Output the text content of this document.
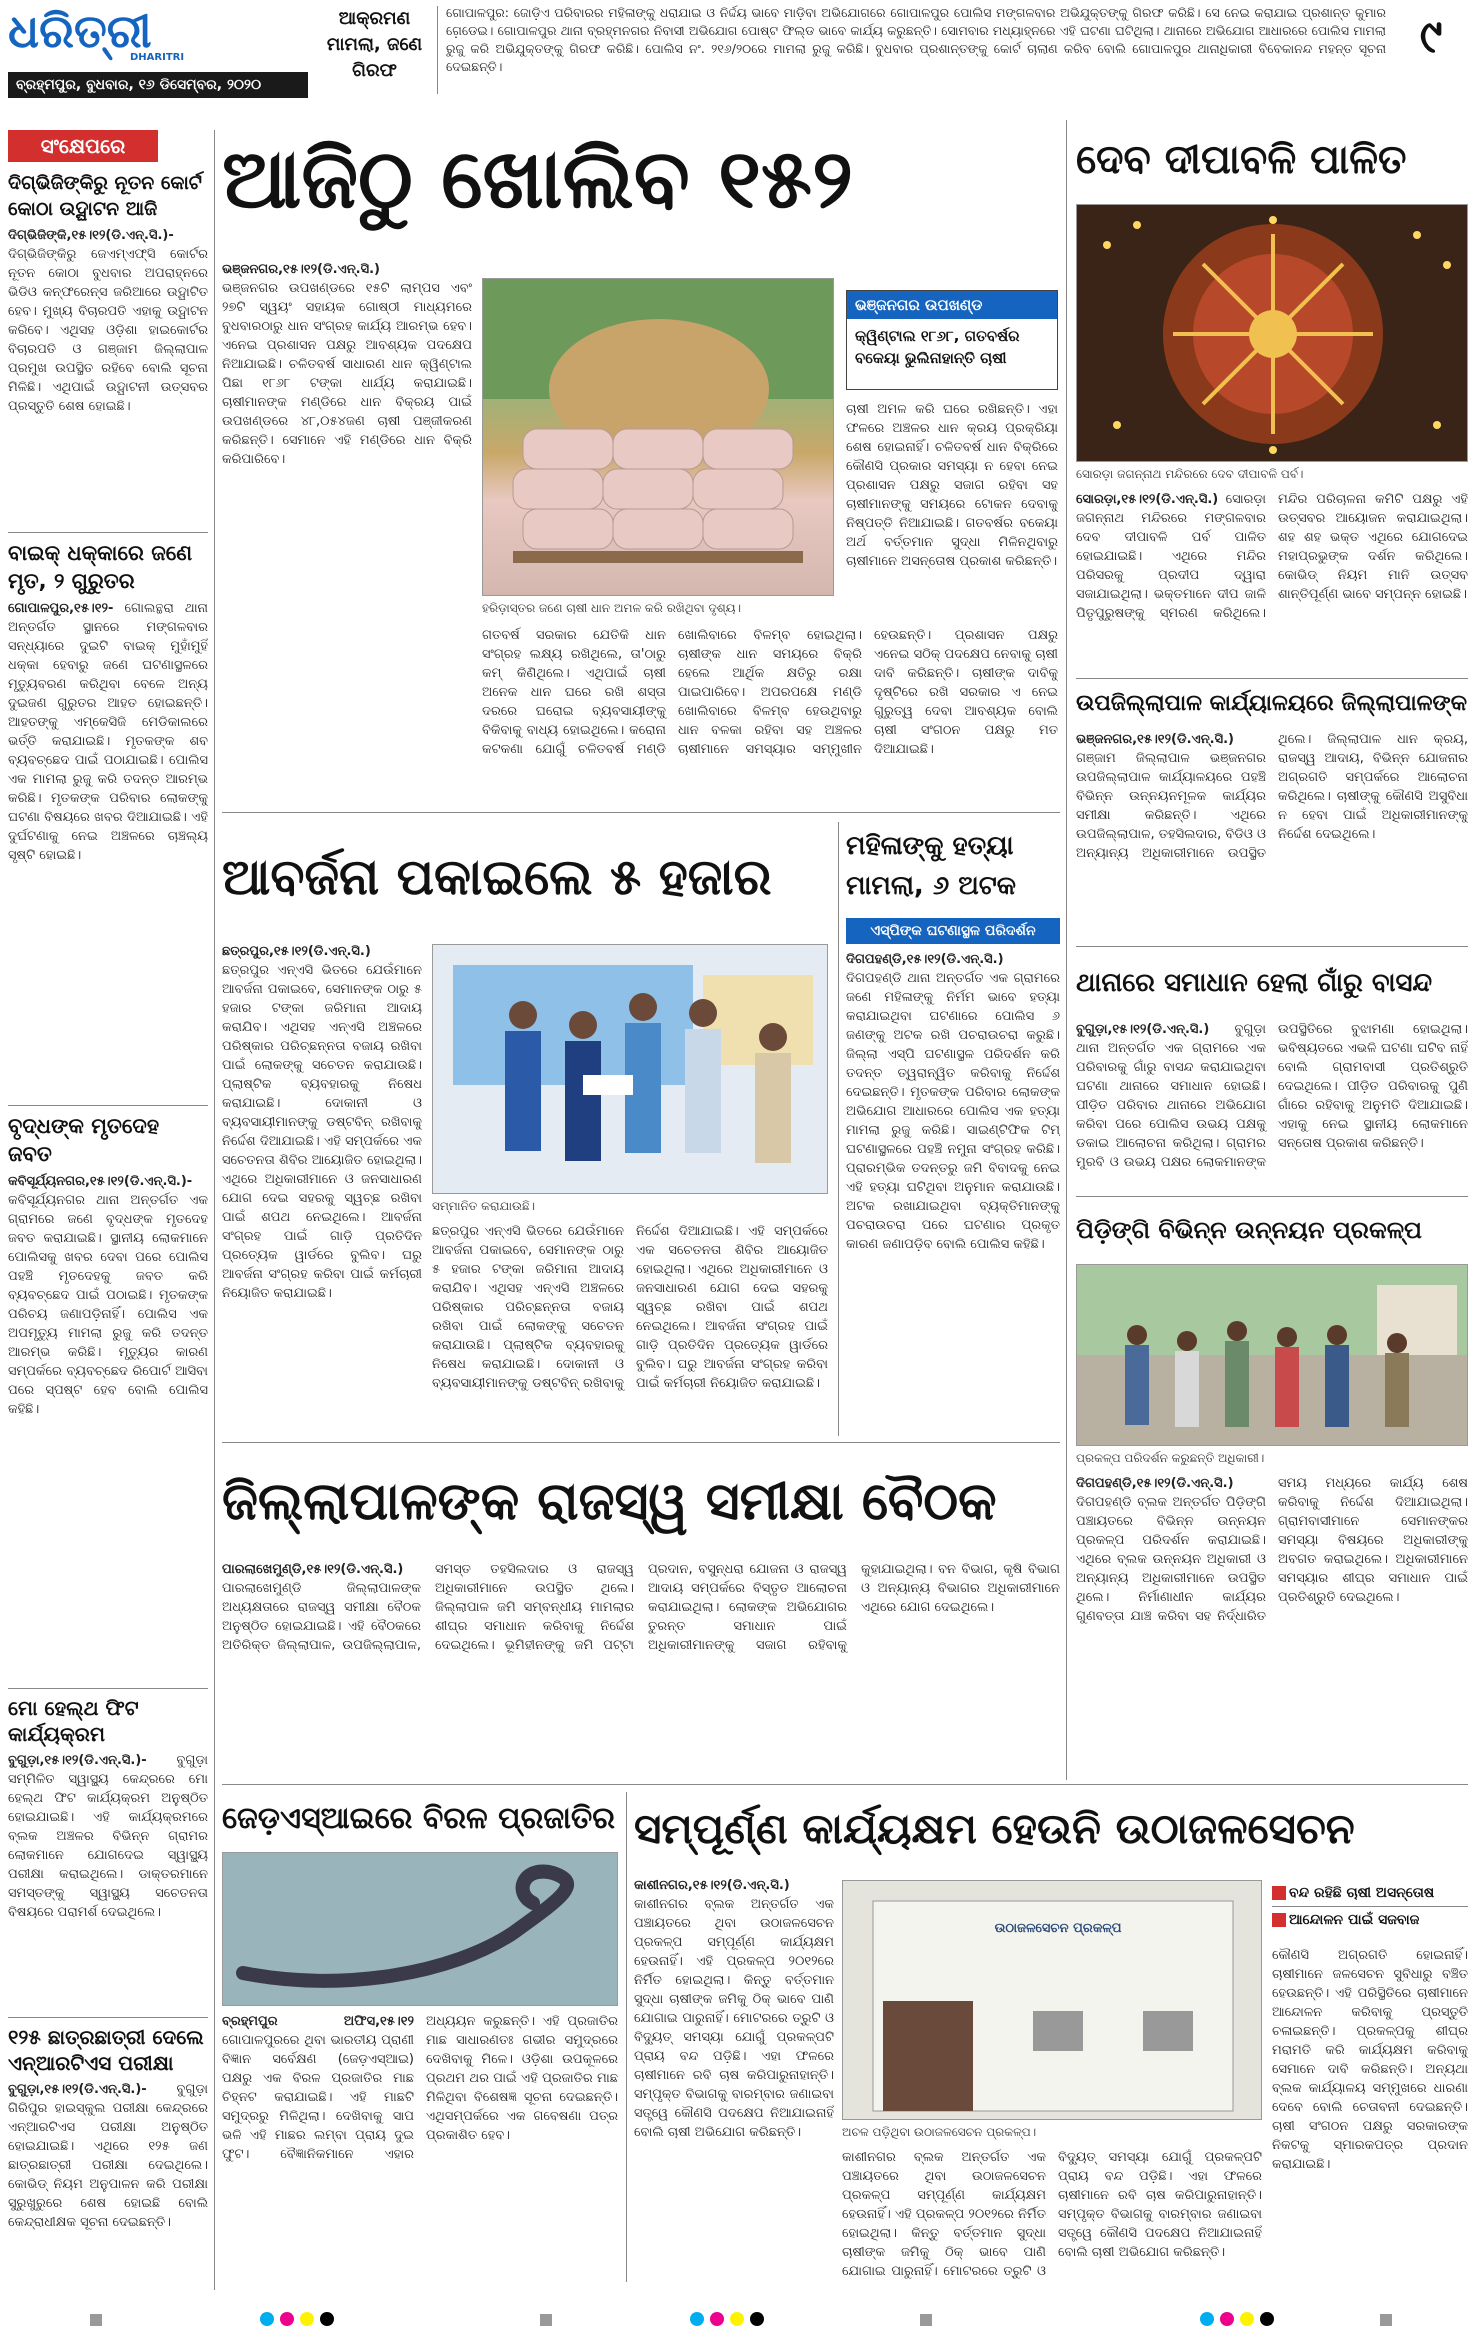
ଧରିତ୍ରୀ
DHARITRI
ବ୍ରହ୍ମପୁର, ବୁଧବାର, ୧୬ ଡିସେମ୍ବର, ୨୦୨୦
ଆକ୍ରମଣ ମାମଲା, ଜଣେ ଗିରଫ
ଗୋପାଳପୁର: ଜୋଡ଼ିଏ ପରିବାରର ମହିଳାଙ୍କୁ ଧରାଯାଇ ଓ ନିର୍ଦ୍ଦୟ ଭାବେ ମାଡ଼ିବା ଅଭିଯୋଗରେ ଗୋପାଳପୁର ପୋଲିସ ମଙ୍ଗଳବାର ଅଭିଯୁକ୍ତଙ୍କୁ ଗିରଫ କରିଛି। ସେ ନେଇ କରାଯାଇ ପ୍ରଶାନ୍ତ କୁମାର ଗେଡେ଼ଇ। ଗୋପାଳପୁର ଥାନା ବ୍ରହ୍ମନଗର ନିବାସୀ ଅଭିଯୋଗ ପୋଷ୍ଟ ଫିଲ୍ଡ ଭାବେ କାର୍ଯ୍ୟ କରୁଛନ୍ତି। ସୋମବାର ମଧ୍ୟାହ୍ନରେ ଏହି ଘଟଣା ଘଟିଥିଲା। ଥାନାରେ ଅଭିଯୋଗ ଆଧାରରେ ପୋଲିସ ମାମଲା ରୁଜୁ କରି ଅଭିଯୁକ୍ତଙ୍କୁ ଗିରଫ କରିଛି। ପୋଲିସ ନଂ. ୨୧୬/୨୦ରେ ମାମଲା ରୁଜୁ କରିଛି। ବୁଧବାର ପ୍ରଶାନ୍ତଙ୍କୁ କୋର୍ଟ ଚାଲାଣ କରିବ ବୋଲି ଗୋପାଳପୁର ଥାନାଧିକାରୀ ବିବେକାନନ୍ଦ ମହନ୍ତ ସୂଚନା ଦେଇଛନ୍ତି।
୯
ସଂକ୍ଷେପରେ
ଦିଗ୍ଭିଜିଙ୍କିରୁ ନୂତନ କୋର୍ଟ କୋଠା ଉଦ୍ଘାଟନ ଆଜି
ଦିଗ୍ଭିଜିଙ୍କି,୧୫।୧୨(ଡି.ଏନ୍.ସି.)- ଦିଗ୍ଭିଜିଙ୍କିରୁ ଜେଏମ୍ଏଫ୍‌ସି କୋର୍ଟର ନୂତନ କୋଠା ବୁଧବାର ଅପରାହ୍ନରେ ଭିଡିଓ କନ୍ଫରେନ୍ସ ଜରିଆରେ ଉଦ୍ଘାଟିତ ହେବ। ମୁଖ୍ୟ ବିଚାରପତି ଏହାକୁ ଉଦ୍ଘାଟନ କରିବେ। ଏଥିସହ ଓଡ଼ିଶା ହାଇକୋର୍ଟର ବିଚାରପତି ଓ ଗଞ୍ଜାମ ଜିଲ୍ଲାପାଳ ପ୍ରମୁଖ ଉପସ୍ଥିତ ରହିବେ ବୋଲି ସୂଚନା ମିଳିଛି। ଏଥିପାଇଁ ଉଦ୍ଘାଟନୀ ଉତ୍ସବର ପ୍ରସ୍ତୁତି ଶେଷ ହୋଇଛି।
ବାଇକ୍ ଧକ୍କାରେ ଜଣେ ମୃତ, ୨ ଗୁରୁତର
ଗୋପାଳପୁର,୧୫।୧୨- ଗୋଲନ୍ଥରା ଥାନା ଅନ୍ତର୍ଗତ ସ୍ଥାନରେ ମଙ୍ଗଳବାର ସନ୍ଧ୍ୟାରେ ଦୁଇଟି ବାଇକ୍ ମୁହାଁମୁହିଁ ଧକ୍କା ହେବାରୁ ଜଣେ ଘଟଣାସ୍ଥଳରେ ମୃତ୍ୟୁବରଣ କରିଥିବା ବେଳେ ଅନ୍ୟ ଦୁଇଜଣ ଗୁରୁତର ଆହତ ହୋଇଛନ୍ତି। ଆହତଙ୍କୁ ଏମ୍‌କେସିଜି ମେଡିକାଲରେ ଭର୍ତ୍ତି କରାଯାଇଛି। ମୃତକଙ୍କ ଶବ ବ୍ୟବଚ୍ଛେଦ ପାଇଁ ପଠାଯାଇଛି। ପୋଲିସ ଏକ ମାମଲା ରୁଜୁ କରି ତଦନ୍ତ ଆରମ୍ଭ କରିଛି। ମୃତକଙ୍କ ପରିବାର ଲୋକଙ୍କୁ ଘଟଣା ବିଷୟରେ ଖବର ଦିଆଯାଇଛି। ଏହି ଦୁର୍ଘଟଣାକୁ ନେଇ ଅଞ୍ଚଳରେ ଚାଞ୍ଚଲ୍ୟ ସୃଷ୍ଟି ହୋଇଛି।
ବୃଦ୍ଧଙ୍କ ମୃତଦେହ ଜବତ
କବିସୂର୍ଯ୍ୟନଗର,୧୫।୧୨(ଡି.ଏନ୍.ସି.)- କବିସୂର୍ଯ୍ୟନଗର ଥାନା ଅନ୍ତର୍ଗତ ଏକ ଗ୍ରାମରେ ଜଣେ ବୃଦ୍ଧଙ୍କ ମୃତଦେହ ଜବତ କରାଯାଇଛି। ସ୍ଥାନୀୟ ଲୋକମାନେ ପୋଲିସକୁ ଖବର ଦେବା ପରେ ପୋଲିସ ପହଞ୍ଚି ମୃତଦେହକୁ ଜବତ କରି ବ୍ୟବଚ୍ଛେଦ ପାଇଁ ପଠାଇଛି। ମୃତକଙ୍କ ପରିଚୟ ଜଣାପଡ଼ିନାହିଁ। ପୋଲିସ ଏକ ଅପମୃତ୍ୟୁ ମାମଲା ରୁଜୁ କରି ତଦନ୍ତ ଆରମ୍ଭ କରିଛି। ମୃତ୍ୟୁର କାରଣ ସମ୍ପର୍କରେ ବ୍ୟବଚ୍ଛେଦ ରିପୋର୍ଟ ଆସିବା ପରେ ସ୍ପଷ୍ଟ ହେବ ବୋଲି ପୋଲିସ କହିଛି।
ମୋ ହେଲ୍ଥ ଫିଟ କାର୍ଯ୍ୟକ୍ରମ
ବୁଗୁଡ଼ା,୧୫।୧୨(ଡି.ଏନ୍.ସି.)- ବୁଗୁଡ଼ା ସମ୍ମିଳିତ ସ୍ୱାସ୍ଥ୍ୟ କେନ୍ଦ୍ରରେ ମୋ ହେଲ୍ଥ ଫିଟ କାର୍ଯ୍ୟକ୍ରମ ଅନୁଷ୍ଠିତ ହୋଇଯାଇଛି। ଏହି କାର୍ଯ୍ୟକ୍ରମରେ ବ୍ଲକ ଅଞ୍ଚଳର ବିଭିନ୍ନ ଗ୍ରାମର ଲୋକମାନେ ଯୋଗଦେଇ ସ୍ୱାସ୍ଥ୍ୟ ପରୀକ୍ଷା କରାଇଥିଲେ। ଡାକ୍ତରମାନେ ସମସ୍ତଙ୍କୁ ସ୍ୱାସ୍ଥ୍ୟ ସଚେତନତା ବିଷୟରେ ପରାମର୍ଶ ଦେଇଥିଲେ।
୧୨୫ ଛାତ୍ରଛାତ୍ରୀ ଦେଲେ ଏନ୍ଆରଟିଏସ ପରୀକ୍ଷା
ବୁଗୁଡ଼ା,୧୫।୧୨(ଡି.ଏନ୍.ସି.)- ବୁଗୁଡ଼ା ଗିରିପୁର ହାଇସ୍କୁଲ ପରୀକ୍ଷା କେନ୍ଦ୍ରରେ ଏନ୍ଆରଟିଏସ ପରୀକ୍ଷା ଅନୁଷ୍ଠିତ ହୋଇଯାଇଛି। ଏଥିରେ ୧୨୫ ଜଣ ଛାତ୍ରଛାତ୍ରୀ ପରୀକ୍ଷା ଦେଇଥିଲେ। କୋଭିଡ୍ ନିୟମ ଅନୁପାଳନ କରି ପରୀକ୍ଷା ସୁରୁଖୁରୁରେ ଶେଷ ହୋଇଛି ବୋଲି କେନ୍ଦ୍ରାଧୀକ୍ଷକ ସୂଚନା ଦେଇଛନ୍ତି।
ଆଜିଠୁ ଖୋଲିବ ୧୫୨
ଭଞ୍ଜନଗର,୧୫।୧୨(ଡି.ଏନ୍.ସି.)
ଭଞ୍ଜନଗର ଉପଖଣ୍ଡରେ ୧୫ଟି ଲାମ୍ପସ ଏବଂ ୨୭ଟି ସ୍ୱୟଂ ସହାୟକ ଗୋଷ୍ଠୀ ମାଧ୍ୟମରେ ବୁଧବାରଠାରୁ ଧାନ ସଂଗ୍ରହ କାର୍ଯ୍ୟ ଆରମ୍ଭ ହେବ। ଏନେଇ ପ୍ରଶାସନ ପକ୍ଷରୁ ଆବଶ୍ୟକ ପଦକ୍ଷେପ ନିଆଯାଇଛି। ଚଳିତବର୍ଷ ସାଧାରଣ ଧାନ କ୍ୱିଣ୍ଟାଲ ପିଛା ୧୮୬୮ ଟଙ୍କା ଧାର୍ଯ୍ୟ କରାଯାଇଛି। ଚାଷୀମାନଙ୍କ ମଣ୍ଡିରେ ଧାନ ବିକ୍ରୟ ପାଇଁ ଉପଖଣ୍ଡରେ ୪୮,୦୫୪ଜଣ ଚାଷୀ ପଞ୍ଜୀକରଣ କରିଛନ୍ତି। ସେମାନେ ଏହି ମଣ୍ଡିରେ ଧାନ ବିକ୍ରି କରିପାରିବେ।
ହରିଡ଼ାସ୍ତର ଜଣେ ଚାଷୀ ଧାନ ଅମଳ କରି ରଖିଥିବା ଦୃଶ୍ୟ।
ଭଞ୍ଜନଗର ଉପଖଣ୍ଡ
କ୍ୱିଣ୍ଟାଲ ୧୮୬୮, ଗତବର୍ଷର ବକେୟା ଭୁଲିନାହାନ୍ତି ଚାଷୀ
ଚାଷୀ ଅମଳ କରି ଘରେ ରଖିଛନ୍ତି। ଏହା ଫଳରେ ଅଞ୍ଚଳର ଧାନ କ୍ରୟ ପ୍ରକ୍ରିୟା ଶେଷ ହୋଇନାହିଁ। ଚଳିତବର୍ଷ ଧାନ ବିକ୍ରିରେ କୌଣସି ପ୍ରକାର ସମସ୍ୟା ନ ହେବା ନେଇ ପ୍ରଶାସନ ପକ୍ଷରୁ ସଜାଗ ରହିବା ସହ ଚାଷୀମାନଙ୍କୁ ସମୟରେ ଟୋକନ ଦେବାକୁ ନିଷ୍ପତ୍ତି ନିଆଯାଇଛି। ଗତବର୍ଷର ବକେୟା ଅର୍ଥ ବର୍ତ୍ତମାନ ସୁଦ୍ଧା ମିଳିନଥିବାରୁ ଚାଷୀମାନେ ଅସନ୍ତୋଷ ପ୍ରକାଶ କରିଛନ୍ତି।
ଗତବର୍ଷ ସରକାର ଯେତିକି ଧାନ ସଂଗ୍ରହ ଲକ୍ଷ୍ୟ ରଖିଥିଲେ, ତା'ଠାରୁ କମ୍ କିଣିଥିଲେ। ଏଥିପାଇଁ ଚାଷୀ ଅନେକ ଧାନ ଘରେ ରଖି ଶସ୍ତା ଦରରେ ଘରୋଇ ବ୍ୟବସାୟୀଙ୍କୁ ବିକିବାକୁ ବାଧ୍ୟ ହୋଇଥିଲେ। କରୋନା କଟକଣା ଯୋଗୁଁ ଚଳିତବର୍ଷ ମଣ୍ଡି ଖୋଲିବାରେ ବିଳମ୍ବ ହୋଇଥିଲା। ଚାଷୀଙ୍କ ଧାନ ସମୟରେ ବିକ୍ରି ହେଲେ ଆର୍ଥିକ କ୍ଷତିରୁ ରକ୍ଷା ପାଇପାରିବେ। ଅପରପକ୍ଷେ ମଣ୍ଡି ଖୋଲିବାରେ ବିଳମ୍ବ ହେଉଥିବାରୁ ଧାନ ବଳକା ରହିବା ସହ ଅଞ୍ଚଳର ଚାଷୀମାନେ ସମସ୍ୟାର ସମ୍ମୁଖୀନ ହେଉଛନ୍ତି। ପ୍ରଶାସନ ପକ୍ଷରୁ ଏନେଇ ସଠିକ୍ ପଦକ୍ଷେପ ନେବାକୁ ଚାଷୀ ଦାବି କରିଛନ୍ତି। ଚାଷୀଙ୍କ ଦାବିକୁ ଦୃଷ୍ଟିରେ ରଖି ସରକାର ଏ ନେଇ ଗୁରୁତ୍ୱ ଦେବା ଆବଶ୍ୟକ ବୋଲି ଚାଷୀ ସଂଗଠନ ପକ୍ଷରୁ ମତ ଦିଆଯାଇଛି।
ଆବର୍ଜନା ପକାଇଲେ ୫ ହଜାର
ଛତ୍ରପୁର,୧୫।୧୨(ଡି.ଏନ୍.ସି.)
ଛତ୍ରପୁର ଏନ୍ଏସି ଭିତରେ ଯେଉଁମାନେ ଆବର୍ଜନା ପକାଇବେ, ସେମାନଙ୍କ ଠାରୁ ୫ ହଜାର ଟଙ୍କା ଜରିମାନା ଆଦାୟ କରାଯିବ। ଏଥିସହ ଏନ୍ଏସି ଅଞ୍ଚଳରେ ପରିଷ୍କାର ପରିଚ୍ଛନ୍ନତା ବଜାୟ ରଖିବା ପାଇଁ ଲୋକଙ୍କୁ ସଚେତନ କରାଯାଉଛି। ପ୍ଲାଷ୍ଟିକ ବ୍ୟବହାରକୁ ନିଷେଧ କରାଯାଇଛି। ଦୋକାନୀ ଓ ବ୍ୟବସାୟୀମାନଙ୍କୁ ଡଷ୍ଟବିନ୍ ରଖିବାକୁ ନିର୍ଦ୍ଦେଶ ଦିଆଯାଇଛି। ଏହି ସମ୍ପର୍କରେ ଏକ ସଚେତନତା ଶିବିର ଆୟୋଜିତ ହୋଇଥିଲା। ଏଥିରେ ଅଧିକାରୀମାନେ ଓ ଜନସାଧାରଣ ଯୋଗ ଦେଇ ସହରକୁ ସ୍ୱଚ୍ଛ ରଖିବା ପାଇଁ ଶପଥ ନେଇଥିଲେ। ଆବର୍ଜନା ସଂଗ୍ରହ ପାଇଁ ଗାଡ଼ି ପ୍ରତିଦିନ ପ୍ରତ୍ୟେକ ୱାର୍ଡରେ ବୁଲିବ। ଘରୁ ଆବର୍ଜନା ସଂଗ୍ରହ କରିବା ପାଇଁ କର୍ମଚାରୀ ନିୟୋଜିତ କରାଯାଇଛି।
ସମ୍ମାନିତ କରାଯାଉଛି।
ଛତ୍ରପୁର ଏନ୍ଏସି ଭିତରେ ଯେଉଁମାନେ ଆବର୍ଜନା ପକାଇବେ, ସେମାନଙ୍କ ଠାରୁ ୫ ହଜାର ଟଙ୍କା ଜରିମାନା ଆଦାୟ କରାଯିବ। ଏଥିସହ ଏନ୍ଏସି ଅଞ୍ଚଳରେ ପରିଷ୍କାର ପରିଚ୍ଛନ୍ନତା ବଜାୟ ରଖିବା ପାଇଁ ଲୋକଙ୍କୁ ସଚେତନ କରାଯାଉଛି। ପ୍ଲାଷ୍ଟିକ ବ୍ୟବହାରକୁ ନିଷେଧ କରାଯାଇଛି। ଦୋକାନୀ ଓ ବ୍ୟବସାୟୀମାନଙ୍କୁ ଡଷ୍ଟବିନ୍ ରଖିବାକୁ ନିର୍ଦ୍ଦେଶ ଦିଆଯାଇଛି। ଏହି ସମ୍ପର୍କରେ ଏକ ସଚେତନତା ଶିବିର ଆୟୋଜିତ ହୋଇଥିଲା। ଏଥିରେ ଅଧିକାରୀମାନେ ଓ ଜନସାଧାରଣ ଯୋଗ ଦେଇ ସହରକୁ ସ୍ୱଚ୍ଛ ରଖିବା ପାଇଁ ଶପଥ ନେଇଥିଲେ। ଆବର୍ଜନା ସଂଗ୍ରହ ପାଇଁ ଗାଡ଼ି ପ୍ରତିଦିନ ପ୍ରତ୍ୟେକ ୱାର୍ଡରେ ବୁଲିବ। ଘରୁ ଆବର୍ଜନା ସଂଗ୍ରହ କରିବା ପାଇଁ କର୍ମଚାରୀ ନିୟୋଜିତ କରାଯାଇଛି।
ମହିଳାଙ୍କୁ ହତ୍ୟା ମାମଲା, ୬ ଅଟକ
ଏସ୍‌ପିଙ୍କ ଘଟଣାସ୍ଥଳ ପରିଦର୍ଶନ
ଦିଗପହଣ୍ଡି,୧୫।୧୨(ଡି.ଏନ୍.ସି.)
ଦିଗପହଣ୍ଡି ଥାନା ଅନ୍ତର୍ଗତ ଏକ ଗ୍ରାମରେ ଜଣେ ମହିଳାଙ୍କୁ ନିର୍ମମ ଭାବେ ହତ୍ୟା କରାଯାଇଥିବା ଘଟଣାରେ ପୋଲିସ ୬ ଜଣଙ୍କୁ ଅଟକ ରଖି ପଚରାଉଚରା କରୁଛି। ଜିଲ୍ଲା ଏସ୍‌ପି ଘଟଣାସ୍ଥଳ ପରିଦର୍ଶନ କରି ତଦନ୍ତ ତ୍ୱରାନ୍ୱିତ କରିବାକୁ ନିର୍ଦ୍ଦେଶ ଦେଇଛନ୍ତି। ମୃତକଙ୍କ ପରିବାର ଲୋକଙ୍କ ଅଭିଯୋଗ ଆଧାରରେ ପୋଲିସ ଏକ ହତ୍ୟା ମାମଲା ରୁଜୁ କରିଛି। ସାଇଣ୍ଟିଫିକ ଟିମ୍ ଘଟଣାସ୍ଥଳରେ ପହଞ୍ଚି ନମୁନା ସଂଗ୍ରହ କରିଛି। ପ୍ରାରମ୍ଭିକ ତଦନ୍ତରୁ ଜମି ବିବାଦକୁ ନେଇ ଏହି ହତ୍ୟା ଘଟିଥିବା ଅନୁମାନ କରାଯାଉଛି। ଅଟକ ରଖାଯାଇଥିବା ବ୍ୟକ୍ତିମାନଙ୍କୁ ପଚରାଉଚରା ପରେ ଘଟଣାର ପ୍ରକୃତ କାରଣ ଜଣାପଡ଼ିବ ବୋଲି ପୋଲିସ କହିଛି।
ଜିଲ୍ଲାପାଳଙ୍କ ରାଜସ୍ୱ ସମୀକ୍ଷା ବୈଠକ
ପାରଲାଖେମୁଣ୍ଡି,୧୫।୧୨(ଡି.ଏନ୍.ସି.) ପାରଲାଖେମୁଣ୍ଡି ଜିଲ୍ଲାପାଳଙ୍କ ଅଧ୍ୟକ୍ଷତାରେ ରାଜସ୍ୱ ସମୀକ୍ଷା ବୈଠକ ଅନୁଷ୍ଠିତ ହୋଇଯାଇଛି। ଏହି ବୈଠକରେ ଅତିରିକ୍ତ ଜିଲ୍ଲାପାଳ, ଉପଜିଲ୍ଲାପାଳ, ସମସ୍ତ ତହସିଲଦାର ଓ ରାଜସ୍ୱ ଅଧିକାରୀମାନେ ଉପସ୍ଥିତ ଥିଲେ। ଜିଲ୍ଲାପାଳ ଜମି ସମ୍ବନ୍ଧୀୟ ମାମଲାର ଶୀଘ୍ର ସମାଧାନ କରିବାକୁ ନିର୍ଦ୍ଦେଶ ଦେଇଥିଲେ। ଭୂମିହୀନଙ୍କୁ ଜମି ପଟ୍ଟା ପ୍ରଦାନ, ବସୁନ୍ଧରା ଯୋଜନା ଓ ରାଜସ୍ୱ ଆଦାୟ ସମ୍ପର୍କରେ ବିସ୍ତୃତ ଆଲୋଚନା କରାଯାଇଥିଲା। ଲୋକଙ୍କ ଅଭିଯୋଗର ତୁରନ୍ତ ସମାଧାନ ପାଇଁ ଅଧିକାରୀମାନଙ୍କୁ ସଜାଗ ରହିବାକୁ କୁହାଯାଇଥିଲା। ବନ ବିଭାଗ, କୃଷି ବିଭାଗ ଓ ଅନ୍ୟାନ୍ୟ ବିଭାଗର ଅଧିକାରୀମାନେ ଏଥିରେ ଯୋଗ ଦେଇଥିଲେ।
ଦେବ ଦୀପାବଳି ପାଳିତ
ସୋରଡ଼ା ଜଗନ୍ନାଥ ମନ୍ଦିରରେ ଦେବ ଦୀପାବଳି ପର୍ବ।
ସୋରଡ଼ା,୧୫।୧୨(ଡି.ଏନ୍.ସି.) ସୋରଡ଼ା ଜଗନ୍ନାଥ ମନ୍ଦିରରେ ମଙ୍ଗଳବାର ଦେବ ଦୀପାବଳି ପର୍ବ ପାଳିତ ହୋଇଯାଇଛି। ଏଥିରେ ମନ୍ଦିର ପରିସରକୁ ପ୍ରଦୀପ ଦ୍ୱାରା ସଜାଯାଇଥିଲା। ଭକ୍ତମାନେ ଦୀପ ଜାଳି ପିତୃପୁରୁଷଙ୍କୁ ସ୍ମରଣ କରିଥିଲେ। ମନ୍ଦିର ପରିଚାଳନା କମିଟି ପକ୍ଷରୁ ଏହି ଉତ୍ସବର ଆୟୋଜନ କରାଯାଇଥିଲା। ଶହ ଶହ ଭକ୍ତ ଏଥିରେ ଯୋଗଦେଇ ମହାପ୍ରଭୁଙ୍କ ଦର୍ଶନ କରିଥିଲେ। କୋଭିଡ୍ ନିୟମ ମାନି ଉତ୍ସବ ଶାନ୍ତିପୂର୍ଣ୍ଣ ଭାବେ ସମ୍ପନ୍ନ ହୋଇଛି।
ଉପଜିଲ୍ଲାପାଳ କାର୍ଯ୍ୟାଳୟରେ ଜିଲ୍ଲାପାଳଙ୍କ
ଭଞ୍ଜନଗର,୧୫।୧୨(ଡି.ଏନ୍.ସି.) ଗଞ୍ଜାମ ଜିଲ୍ଲାପାଳ ଭଞ୍ଜନଗର ଉପଜିଲ୍ଲାପାଳ କାର୍ଯ୍ୟାଳୟରେ ପହଞ୍ଚି ବିଭିନ୍ନ ଉନ୍ନୟନମୂଳକ କାର୍ଯ୍ୟର ସମୀକ୍ଷା କରିଛନ୍ତି। ଏଥିରେ ଉପଜିଲ୍ଲାପାଳ, ତହସିଲଦାର, ବିଡିଓ ଓ ଅନ୍ୟାନ୍ୟ ଅଧିକାରୀମାନେ ଉପସ୍ଥିତ ଥିଲେ। ଜିଲ୍ଲାପାଳ ଧାନ କ୍ରୟ, ରାଜସ୍ୱ ଆଦାୟ, ବିଭିନ୍ନ ଯୋଜନାର ଅଗ୍ରଗତି ସମ୍ପର୍କରେ ଆଲୋଚନା କରିଥିଲେ। ଚାଷୀଙ୍କୁ କୌଣସି ଅସୁବିଧା ନ ହେବା ପାଇଁ ଅଧିକାରୀମାନଙ୍କୁ ନିର୍ଦ୍ଦେଶ ଦେଇଥିଲେ।
ଥାନାରେ ସମାଧାନ ହେଲା ଗାଁରୁ ବାସନ୍ଦ
ବୁଗୁଡ଼ା,୧୫।୧୨(ଡି.ଏନ୍.ସି.) ବୁଗୁଡ଼ା ଥାନା ଅନ୍ତର୍ଗତ ଏକ ଗ୍ରାମରେ ଏକ ପରିବାରକୁ ଗାଁରୁ ବାସନ୍ଦ କରାଯାଇଥିବା ଘଟଣା ଥାନାରେ ସମାଧାନ ହୋଇଛି। ପୀଡ଼ିତ ପରିବାର ଥାନାରେ ଅଭିଯୋଗ କରିବା ପରେ ପୋଲିସ ଉଭୟ ପକ୍ଷକୁ ଡକାଇ ଆଲୋଚନା କରିଥିଲା। ଗ୍ରାମର ମୁରବି ଓ ଉଭୟ ପକ୍ଷର ଲୋକମାନଙ୍କ ଉପସ୍ଥିତିରେ ବୁଝାମଣା ହୋଇଥିଲା। ଭବିଷ୍ୟତରେ ଏଭଳି ଘଟଣା ଘଟିବ ନାହିଁ ବୋଲି ଗ୍ରାମବାସୀ ପ୍ରତିଶ୍ରୁତି ଦେଇଥିଲେ। ପୀଡ଼ିତ ପରିବାରକୁ ପୁଣି ଗାଁରେ ରହିବାକୁ ଅନୁମତି ଦିଆଯାଇଛି। ଏହାକୁ ନେଇ ସ୍ଥାନୀୟ ଲୋକମାନେ ସନ୍ତୋଷ ପ୍ରକାଶ କରିଛନ୍ତି।
ପିଡ଼ିଙ୍ଗି ବିଭିନ୍ନ ଉନ୍ନୟନ ପ୍ରକଳ୍ପ
ପ୍ରକଳ୍ପ ପରିଦର୍ଶନ କରୁଛନ୍ତି ଅଧିକାରୀ।
ଦିଗପହଣ୍ଡି,୧୫।୧୨(ଡି.ଏନ୍.ସି.) ଦିଗପହଣ୍ଡି ବ୍ଲକ ଅନ୍ତର୍ଗତ ପିଡ଼ିଙ୍ଗି ପଞ୍ଚାୟତରେ ବିଭିନ୍ନ ଉନ୍ନୟନ ପ୍ରକଳ୍ପ ପରିଦର୍ଶନ କରାଯାଇଛି। ଏଥିରେ ବ୍ଲକ ଉନ୍ନୟନ ଅଧିକାରୀ ଓ ଅନ୍ୟାନ୍ୟ ଅଧିକାରୀମାନେ ଉପସ୍ଥିତ ଥିଲେ। ନିର୍ମାଣାଧୀନ କାର୍ଯ୍ୟର ଗୁଣବତ୍ତା ଯାଞ୍ଚ କରିବା ସହ ନିର୍ଦ୍ଧାରିତ ସମୟ ମଧ୍ୟରେ କାର୍ଯ୍ୟ ଶେଷ କରିବାକୁ ନିର୍ଦ୍ଦେଶ ଦିଆଯାଇଥିଲା। ଗ୍ରାମବାସୀମାନେ ସେମାନଙ୍କର ସମସ୍ୟା ବିଷୟରେ ଅଧିକାରୀଙ୍କୁ ଅବଗତ କରାଇଥିଲେ। ଅଧିକାରୀମାନେ ସମସ୍ୟାର ଶୀଘ୍ର ସମାଧାନ ପାଇଁ ପ୍ରତିଶ୍ରୁତି ଦେଇଥିଲେ।
ଜେଡ଼ଏସ୍ଆଇରେ ବିରଳ ପ୍ରଜାତିର
ବ୍ରହ୍ମପୁର ଅଫିସ,୧୫।୧୨ ଗୋପାଳପୁରରେ ଥିବା ଭାରତୀୟ ପ୍ରାଣୀ ବିଜ୍ଞାନ ସର୍ବେକ୍ଷଣ (ଜେଡ଼ଏସ୍ଆଇ) ପକ୍ଷରୁ ଏକ ବିରଳ ପ୍ରଜାତିର ମାଛ ଚିହ୍ନଟ କରାଯାଇଛି। ଏହି ମାଛଟି ସମୁଦ୍ରରୁ ମିଳିଥିଲା। ଦେଖିବାକୁ ସାପ ଭଳି ଏହି ମାଛର ଲମ୍ବା ପ୍ରାୟ ଦୁଇ ଫୁଟ। ବୈଜ୍ଞାନିକମାନେ ଏହାର ଅଧ୍ୟୟନ କରୁଛନ୍ତି। ଏହି ପ୍ରଜାତିର ମାଛ ସାଧାରଣତଃ ଗଭୀର ସମୁଦ୍ରରେ ଦେଖିବାକୁ ମିଳେ। ଓଡ଼ିଶା ଉପକୂଳରେ ପ୍ରଥମ ଥର ପାଇଁ ଏହି ପ୍ରଜାତିର ମାଛ ମିଳିଥିବା ବିଶେଷଜ୍ଞ ସୂଚନା ଦେଇଛନ୍ତି। ଏଥିସମ୍ପର୍କରେ ଏକ ଗବେଷଣା ପତ୍ର ପ୍ରକାଶିତ ହେବ।
ସମ୍ପୂର୍ଣ୍ଣ କାର୍ଯ୍ୟକ୍ଷମ ହେଉନି ଉଠାଜଳସେଚନ
କାଶୀନଗର,୧୫।୧୨(ଡି.ଏନ୍.ସି.)
କାଶୀନଗର ବ୍ଲକ ଅନ୍ତର୍ଗତ ଏକ ପଞ୍ଚାୟତରେ ଥିବା ଉଠାଜଳସେଚନ ପ୍ରକଳ୍ପ ସମ୍ପୂର୍ଣ୍ଣ କାର୍ଯ୍ୟକ୍ଷମ ହେଉନାହିଁ। ଏହି ପ୍ରକଳ୍ପ ୨୦୧୨ରେ ନିର୍ମିତ ହୋଇଥିଲା। କିନ୍ତୁ ବର୍ତ୍ତମାନ ସୁଦ୍ଧା ଚାଷୀଙ୍କ ଜମିକୁ ଠିକ୍ ଭାବେ ପାଣି ଯୋଗାଇ ପାରୁନାହିଁ। ମୋଟରରେ ତ୍ରୁଟି ଓ ବିଦ୍ୟୁତ୍ ସମସ୍ୟା ଯୋଗୁଁ ପ୍ରକଳ୍ପଟି ପ୍ରାୟ ବନ୍ଦ ପଡ଼ିଛି। ଏହା ଫଳରେ ଚାଷୀମାନେ ରବି ଚାଷ କରିପାରୁନାହାନ୍ତି। ସମ୍ପୃକ୍ତ ବିଭାଗକୁ ବାରମ୍ବାର ଜଣାଇବା ସତ୍ତ୍ୱେ କୌଣସି ପଦକ୍ଷେପ ନିଆଯାଇନାହିଁ ବୋଲି ଚାଷୀ ଅଭିଯୋଗ କରିଛନ୍ତି।
ଉଠାଜଳସେଚନ ପ୍ରକଳ୍ପ
ଅଚଳ ପଡ଼ିଥିବା ଉଠାଜଳସେଚନ ପ୍ରକଳ୍ପ।
କାଶୀନଗର ବ୍ଲକ ଅନ୍ତର୍ଗତ ଏକ ପଞ୍ଚାୟତରେ ଥିବା ଉଠାଜଳସେଚନ ପ୍ରକଳ୍ପ ସମ୍ପୂର୍ଣ୍ଣ କାର୍ଯ୍ୟକ୍ଷମ ହେଉନାହିଁ। ଏହି ପ୍ରକଳ୍ପ ୨୦୧୨ରେ ନିର୍ମିତ ହୋଇଥିଲା। କିନ୍ତୁ ବର୍ତ୍ତମାନ ସୁଦ୍ଧା ଚାଷୀଙ୍କ ଜମିକୁ ଠିକ୍ ଭାବେ ପାଣି ଯୋଗାଇ ପାରୁନାହିଁ। ମୋଟରରେ ତ୍ରୁଟି ଓ ବିଦ୍ୟୁତ୍ ସମସ୍ୟା ଯୋଗୁଁ ପ୍ରକଳ୍ପଟି ପ୍ରାୟ ବନ୍ଦ ପଡ଼ିଛି। ଏହା ଫଳରେ ଚାଷୀମାନେ ରବି ଚାଷ କରିପାରୁନାହାନ୍ତି। ସମ୍ପୃକ୍ତ ବିଭାଗକୁ ବାରମ୍ବାର ଜଣାଇବା ସତ୍ତ୍ୱେ କୌଣସି ପଦକ୍ଷେପ ନିଆଯାଇନାହିଁ ବୋଲି ଚାଷୀ ଅଭିଯୋଗ କରିଛନ୍ତି।
ବନ୍ଦ ରହିଛି ଚାଷୀ ଅସନ୍ତୋଷ
ଆନ୍ଦୋଳନ ପାଇଁ ସଜବାଜ
କୌଣସି ଅଗ୍ରଗତି ହୋଇନାହିଁ। ଚାଷୀମାନେ ଜଳସେଚନ ସୁବିଧାରୁ ବଞ୍ଚିତ ହେଉଛନ୍ତି। ଏହି ପରିସ୍ଥିତିରେ ଚାଷୀମାନେ ଆନ୍ଦୋଳନ କରିବାକୁ ପ୍ରସ୍ତୁତି ଚଳାଇଛନ୍ତି। ପ୍ରକଳ୍ପକୁ ଶୀଘ୍ର ମରାମତି କରି କାର୍ଯ୍ୟକ୍ଷମ କରିବାକୁ ସେମାନେ ଦାବି କରିଛନ୍ତି। ଅନ୍ୟଥା ବ୍ଲକ କାର୍ଯ୍ୟାଳୟ ସମ୍ମୁଖରେ ଧାରଣା ଦେବେ ବୋଲି ଚେତାବନୀ ଦେଇଛନ୍ତି। ଚାଷୀ ସଂଗଠନ ପକ୍ଷରୁ ସରକାରଙ୍କ ନିକଟକୁ ସ୍ମାରକପତ୍ର ପ୍ରଦାନ କରାଯାଇଛି।
